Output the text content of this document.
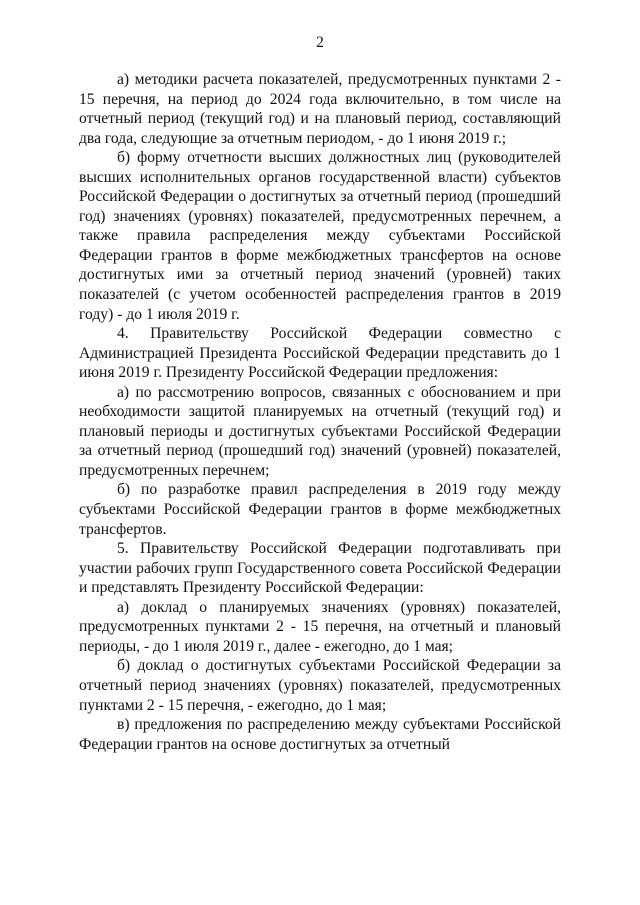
2

а) методики расчета показателей, предусмотренных пунктами 2 - 15 перечня, на период до 2024 года включительно, в том числе на отчетный период (текущий год) и на плановый период, составляющий два года, следующие за отчетным периодом, - до 1 июня 2019 г.;

б) форму отчетности высших должностных лиц (руководителей высших исполнительных органов государственной власти) субъектов Российской Федерации о достигнутых за отчетный период (прошедший год) значениях (уровнях) показателей, предусмотренных перечнем, а также правила распределения между субъектами Российской Федерации грантов в форме межбюджетных трансфертов на основе достигнутых ими за отчетный период значений (уровней) таких показателей (с учетом особенностей распределения грантов в 2019 году) - до 1 июля 2019 г.

4. Правительству Российской Федерации совместно с Администрацией Президента Российской Федерации представить до 1 июня 2019 г. Президенту Российской Федерации предложения:

а) по рассмотрению вопросов, связанных с обоснованием и при необходимости защитой планируемых на отчетный (текущий год) и плановый периоды и достигнутых субъектами Российской Федерации за отчетный период (прошедший год) значений (уровней) показателей, предусмотренных перечнем;

б) по разработке правил распределения в 2019 году между субъектами Российской Федерации грантов в форме межбюджетных трансфертов.

5. Правительству Российской Федерации подготавливать при участии рабочих групп Государственного совета Российской Федерации и представлять Президенту Российской Федерации:

а) доклад о планируемых значениях (уровнях) показателей, предусмотренных пунктами 2 - 15 перечня, на отчетный и плановый периоды, - до 1 июля 2019 г., далее - ежегодно, до 1 мая;

б) доклад о достигнутых субъектами Российской Федерации за отчетный период значениях (уровнях) показателей, предусмотренных пунктами 2 - 15 перечня, - ежегодно, до 1 мая;

в) предложения по распределению между субъектами Российской Федерации грантов на основе достигнутых за отчетный
